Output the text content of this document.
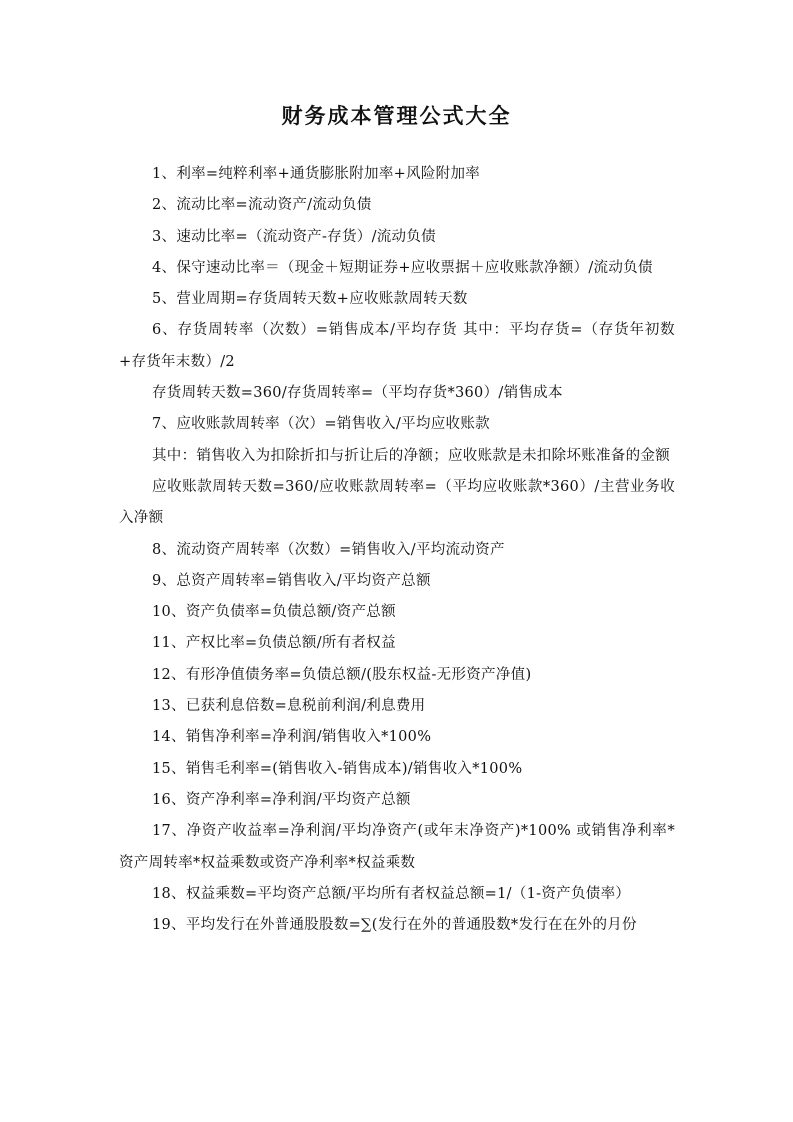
财务成本管理公式大全

1、利率=纯粹利率+通货膨胀附加率+风险附加率

2、流动比率=流动资产/流动负债

3、速动比率=（流动资产-存货）/流动负债

4、保守速动比率＝（现金＋短期证券+应收票据＋应收账款净额）/流动负债

5、营业周期=存货周转天数+应收账款周转天数

6、存货周转率（次数）=销售成本/平均存货 其中：平均存货=（存货年初数+存货年末数）/2

存货周转天数=360/存货周转率=（平均存货*360）/销售成本

7、应收账款周转率（次）=销售收入/平均应收账款

其中：销售收入为扣除折扣与折让后的净额；应收账款是未扣除坏账准备的金额

应收账款周转天数=360/应收账款周转率=（平均应收账款*360）/主营业务收入净额

8、流动资产周转率（次数）=销售收入/平均流动资产

9、总资产周转率=销售收入/平均资产总额

10、资产负债率=负债总额/资产总额

11、产权比率=负债总额/所有者权益

12、有形净值债务率=负债总额/(股东权益-无形资产净值)

13、已获利息倍数=息税前利润/利息费用

14、销售净利率=净利润/销售收入*100%

15、销售毛利率=(销售收入-销售成本)/销售收入*100%

16、资产净利率=净利润/平均资产总额

17、净资产收益率=净利润/平均净资产(或年末净资产)*100% 或销售净利率*资产周转率*权益乘数或资产净利率*权益乘数

18、权益乘数=平均资产总额/平均所有者权益总额=1/（1-资产负债率）

19、平均发行在外普通股股数=∑(发行在外的普通股数*发行在在外的月份
